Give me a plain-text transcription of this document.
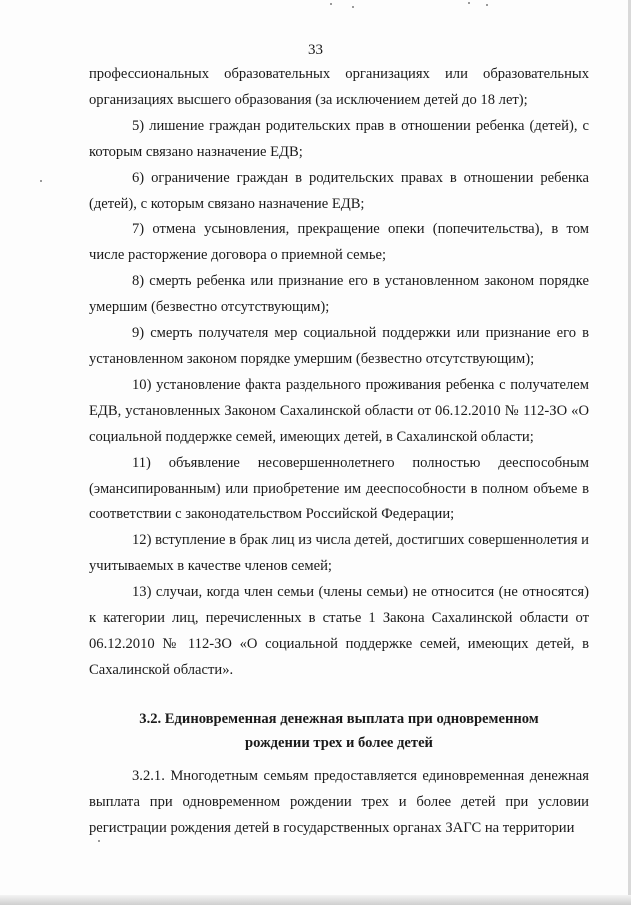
33

профессиональных образовательных организациях или образовательных организациях высшего образования (за исключением детей до 18 лет);

5) лишение граждан родительских прав в отношении ребенка (детей), с которым связано назначение ЕДВ;

6) ограничение граждан в родительских правах в отношении ребенка (детей), с которым связано назначение ЕДВ;

7) отмена усыновления, прекращение опеки (попечительства), в том числе расторжение договора о приемной семье;

8) смерть ребенка или признание его в установленном законом порядке умершим (безвестно отсутствующим);

9) смерть получателя мер социальной поддержки или признание его в установленном законом порядке умершим (безвестно отсутствующим);

10) установление факта раздельного проживания ребенка с получателем ЕДВ, установленных Законом Сахалинской области от 06.12.2010 № 112-ЗО «О социальной поддержке семей, имеющих детей, в Сахалинской области;

11) объявление несовершеннолетнего полностью дееспособным (эмансипированным) или приобретение им дееспособности в полном объеме в соответствии с законодательством Российской Федерации;

12) вступление в брак лиц из числа детей, достигших совершеннолетия и учитываемых в качестве членов семей;

13) случаи, когда член семьи (члены семьи) не относится (не относятся) к категории лиц, перечисленных в статье 1 Закона Сахалинской области от 06.12.2010 № 112-ЗО «О социальной поддержке семей, имеющих детей, в Сахалинской области».

3.2. Единовременная денежная выплата при одновременном
рождении трех и более детей

3.2.1. Многодетным семьям предоставляется единовременная денежная выплата при одновременном рождении трех и более детей при условии регистрации рождения детей в государственных органах ЗАГС на территории
